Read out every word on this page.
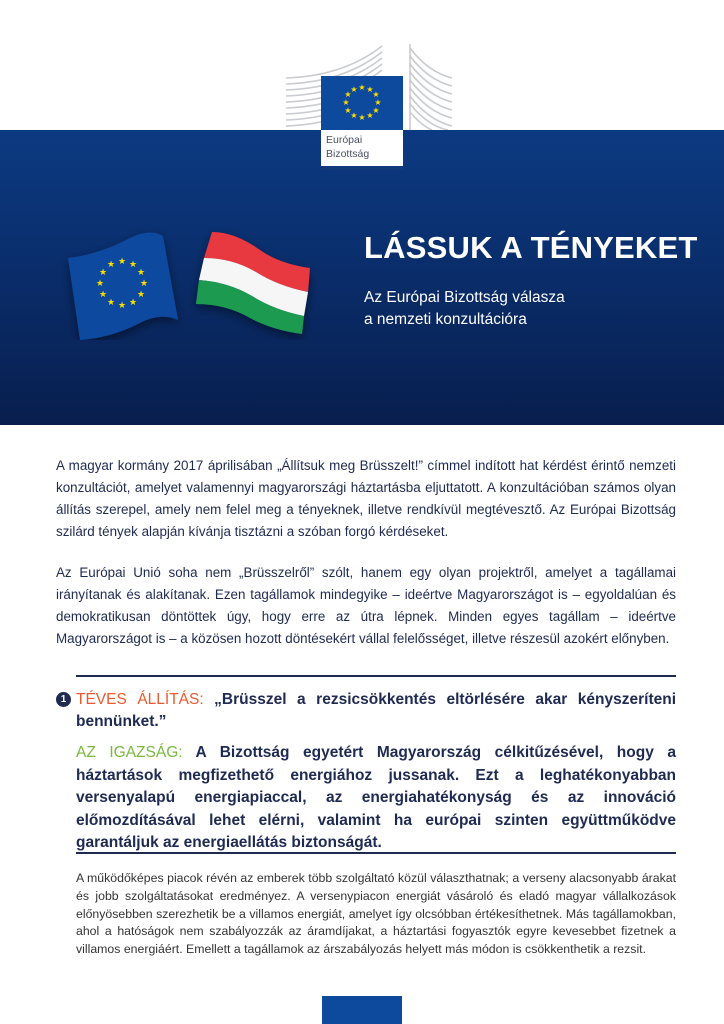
★ ★
★
★
★
★
★
★
★
★
★
★	LÁSSUK A TÉNYEKET
Az Európai Bizottság válasza
a nemzeti konzultációra
★ ★
★
★
★
★
★
★
★
★
★
★
Európai
Bizottság

A magyar kormány 2017 áprilisában „Állítsuk meg Brüsszelt!” címmel indított hat kérdést érintő nemzeti konzultációt, amelyet valamennyi magyarországi háztartásba eljuttatott. A konzultációban számos olyan állítás szerepel, amely nem felel meg a tényeknek, illetve rendkívül megtévesztő. Az Európai Bizottság szilárd tények alapján kívánja tisztázni a szóban forgó kérdéseket.

Az Európai Unió soha nem „Brüsszelről” szólt, hanem egy olyan projektről, amelyet a tagállamai irányítanak és alakítanak. Ezen tagállamok mindegyike – ideértve Magyarországot is – egyoldalúan és demokratikusan döntöttek úgy, hogy erre az útra lépnek. Minden egyes tagállam – ideértve Magyarországot is – a közösen hozott döntésekért vállal felelősséget, illetve részesül azokért előnyben.

1 TÉVES ÁLLÍTÁS: „Brüsszel a rezsicsökkentés eltörlésére akar kényszeríteni bennünket.”
AZ IGAZSÁG: A Bizottság egyetért Magyarország célkitűzésével, hogy a háztartások megfizethető energiához jussanak. Ezt a leghatékonyabban versenyalapú energiapiaccal, az energiahatékonyság és az innováció előmozdításával lehet elérni, valamint ha európai szinten együttműködve garantáljuk az energiaellátás biztonságát.

A működőképes piacok révén az emberek több szolgáltató közül választhatnak; a verseny alacsonyabb árakat és jobb szolgáltatásokat eredményez. A versenypiacon energiát vásároló és eladó magyar vállalkozások előnyösebben szerezhetik be a villamos energiát, amelyet így olcsóbban értékesíthetnek. Más tagállamokban, ahol a hatóságok nem szabályozzák az áramdíjakat, a háztartási fogyasztók egyre kevesebbet fizetnek a villamos energiáért. Emellett a tagállamok az árszabályozás helyett más módon is csökkenthetik a rezsit.
